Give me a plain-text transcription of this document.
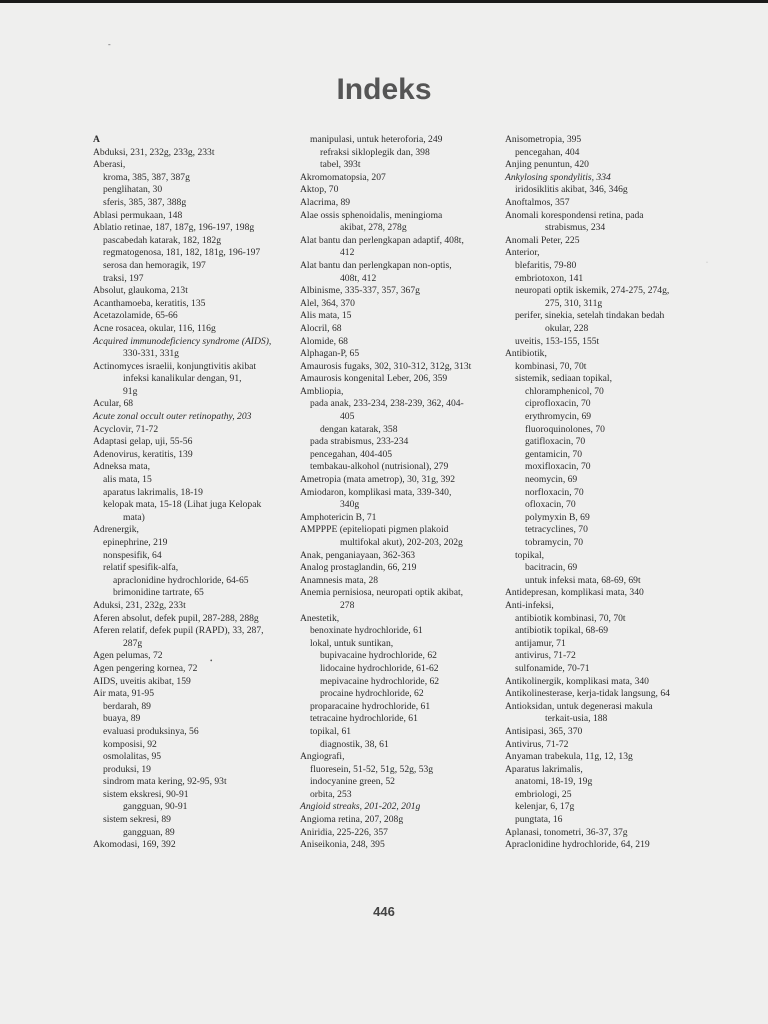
-
Indeks
A
Abduksi, 231, 232g, 233g, 233t
Aberasi,
kroma, 385, 387, 387g
penglihatan, 30
sferis, 385, 387, 388g
Ablasi permukaan, 148
Ablatio retinae, 187, 187g, 196-197, 198g
pascabedah katarak, 182, 182g
regmatogenosa, 181, 182, 181g, 196-197
serosa dan hemoragik, 197
traksi, 197
Absolut, glaukoma, 213t
Acanthamoeba, keratitis, 135
Acetazolamide, 65-66
Acne rosacea, okular, 116, 116g
Acquired immunodeficiency syndrome (AIDS),
330-331, 331g
Actinomyces israelii, konjungtivitis akibat
infeksi kanalikular dengan, 91,
91g
Acular, 68
Acute zonal occult outer retinopathy, 203
Acyclovir, 71-72
Adaptasi gelap, uji, 55-56
Adenovirus, keratitis, 139
Adneksa mata,
alis mata, 15
aparatus lakrimalis, 18-19
kelopak mata, 15-18 (Lihat juga Kelopak
mata)
Adrenergik,
epinephrine, 219
nonspesifik, 64
relatif spesifik-alfa,
apraclonidine hydrochloride, 64-65
brimonidine tartrate, 65
Aduksi, 231, 232g, 233t
Aferen absolut, defek pupil, 287-288, 288g
Aferen relatif, defek pupil (RAPD), 33, 287,
287g
Agen pelumas, 72
Agen pengering kornea, 72
AIDS, uveitis akibat, 159
Air mata, 91-95
berdarah, 89
buaya, 89
evaluasi produksinya, 56
komposisi, 92
osmolalitas, 95
produksi, 19
sindrom mata kering, 92-95, 93t
sistem ekskresi, 90-91
gangguan, 90-91
sistem sekresi, 89
gangguan, 89
Akomodasi, 169, 392
manipulasi, untuk heteroforia, 249
refraksi sikloplegik dan, 398
tabel, 393t
Akromomatopsia, 207
Aktop, 70
Alacrima, 89
Alae ossis sphenoidalis, meningioma
akibat, 278, 278g
Alat bantu dan perlengkapan adaptif, 408t,
412
Alat bantu dan perlengkapan non-optis,
408t, 412
Albinisme, 335-337, 357, 367g
Alel, 364, 370
Alis mata, 15
Alocril, 68
Alomide, 68
Alphagan-P, 65
Amaurosis fugaks, 302, 310-312, 312g, 313t
Amaurosis kongenital Leber, 206, 359
Ambliopia,
pada anak, 233-234, 238-239, 362, 404-
405
dengan katarak, 358
pada strabismus, 233-234
pencegahan, 404-405
tembakau-alkohol (nutrisional), 279
Ametropia (mata ametrop), 30, 31g, 392
Amiodaron, komplikasi mata, 339-340,
340g
Amphotericin B, 71
AMPPPE (epiteliopati pigmen plakoid
multifokal akut), 202-203, 202g
Anak, penganiayaan, 362-363
Analog prostaglandin, 66, 219
Anamnesis mata, 28
Anemia pernisiosa, neuropati optik akibat,
278
Anestetik,
benoxinate hydrochloride, 61
lokal, untuk suntikan,
bupivacaine hydrochloride, 62
lidocaine hydrochloride, 61-62
mepivacaine hydrochloride, 62
procaine hydrochloride, 62
proparacaine hydrochloride, 61
tetracaine hydrochloride, 61
topikal, 61
diagnostik, 38, 61
Angiografi,
fluoresein, 51-52, 51g, 52g, 53g
indocyanine green, 52
orbita, 253
Angioid streaks, 201-202, 201g
Angioma retina, 207, 208g
Aniridia, 225-226, 357
Aniseikonia, 248, 395
Anisometropia, 395
pencegahan, 404
Anjing penuntun, 420
Ankylosing spondylitis, 334
iridosiklitis akibat, 346, 346g
Anoftalmos, 357
Anomali korespondensi retina, pada
strabismus, 234
Anomali Peter, 225
Anterior,
blefaritis, 79-80
embriotoxon, 141
neuropati optik iskemik, 274-275, 274g,
275, 310, 311g
perifer, sinekia, setelah tindakan bedah
okular, 228
uveitis, 153-155, 155t
Antibiotik,
kombinasi, 70, 70t
sistemik, sediaan topikal,
chloramphenicol, 70
ciprofloxacin, 70
erythromycin, 69
fluoroquinolones, 70
gatifloxacin, 70
gentamicin, 70
moxifloxacin, 70
neomycin, 69
norfloxacin, 70
ofloxacin, 70
polymyxin B, 69
tetracyclines, 70
tobramycin, 70
topikal,
bacitracin, 69
untuk infeksi mata, 68-69, 69t
Antidepresan, komplikasi mata, 340
Anti-infeksi,
antibiotik kombinasi, 70, 70t
antibiotik topikal, 68-69
antijamur, 71
antivirus, 71-72
sulfonamide, 70-71
Antikolinergik, komplikasi mata, 340
Antikolinesterase, kerja-tidak langsung, 64
Antioksidan, untuk degenerasi makula
terkait-usia, 188
Antisipasi, 365, 370
Antivirus, 71-72
Anyaman trabekula, 11g, 12, 13g
Aparatus lakrimalis,
anatomi, 18-19, 19g
embriologi, 25
kelenjar, 6, 17g
pungtata, 16
Aplanasi, tonometri, 36-37, 37g
Apraclonidine hydrochloride, 64, 219
·
•
446
